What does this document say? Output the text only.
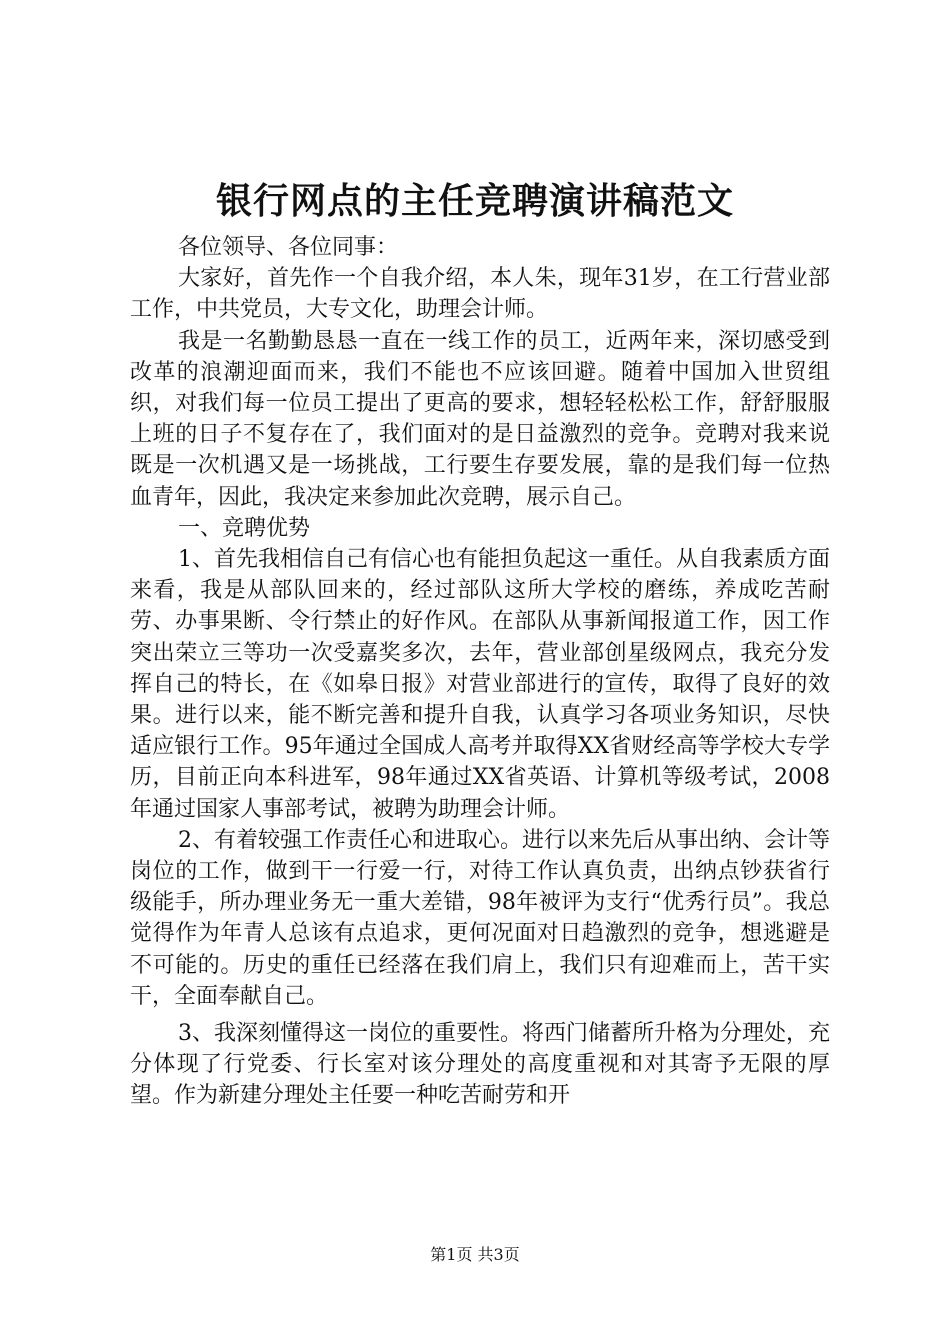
银行网点的主任竞聘演讲稿范文

各位领导、各位同事：

大家好，首先作一个自我介绍，本人朱，现年31岁，在工行营业部工作，中共党员，大专文化，助理会计师。

我是一名勤勤恳恳一直在一线工作的员工，近两年来，深切感受到改革的浪潮迎面而来，我们不能也不应该回避。随着中国加入世贸组织，对我们每一位员工提出了更高的要求，想轻轻松松工作，舒舒服服上班的日子不复存在了，我们面对的是日益激烈的竞争。竞聘对我来说既是一次机遇又是一场挑战，工行要生存要发展，靠的是我们每一位热血青年，因此，我决定来参加此次竞聘，展示自己。

一、竞聘优势

1、首先我相信自己有信心也有能担负起这一重任。从自我素质方面来看，我是从部队回来的，经过部队这所大学校的磨练，养成吃苦耐劳、办事果断、令行禁止的好作风。在部队从事新闻报道工作，因工作突出荣立三等功一次受嘉奖多次，去年，营业部创星级网点，我充分发挥自己的特长，在《如皋日报》对营业部进行的宣传，取得了良好的效果。进行以来，能不断完善和提升自我，认真学习各项业务知识，尽快适应银行工作。95年通过全国成人高考并取得XX省财经高等学校大专学历，目前正向本科进军，98年通过XX省英语、计算机等级考试，2008年通过国家人事部考试，被聘为助理会计师。

2、有着较强工作责任心和进取心。进行以来先后从事出纳、会计等岗位的工作，做到干一行爱一行，对待工作认真负责，出纳点钞获省行级能手，所办理业务无一重大差错，98年被评为支行“优秀行员”。我总觉得作为年青人总该有点追求，更何况面对日趋激烈的竞争，想逃避是不可能的。历史的重任已经落在我们肩上，我们只有迎难而上，苦干实干，全面奉献自己。

3、我深刻懂得这一岗位的重要性。将西门储蓄所升格为分理处，充分体现了行党委、行长室对该分理处的高度重视和对其寄予无限的厚望。作为新建分理处主任要一种吃苦耐劳和开

第1页 共3页
